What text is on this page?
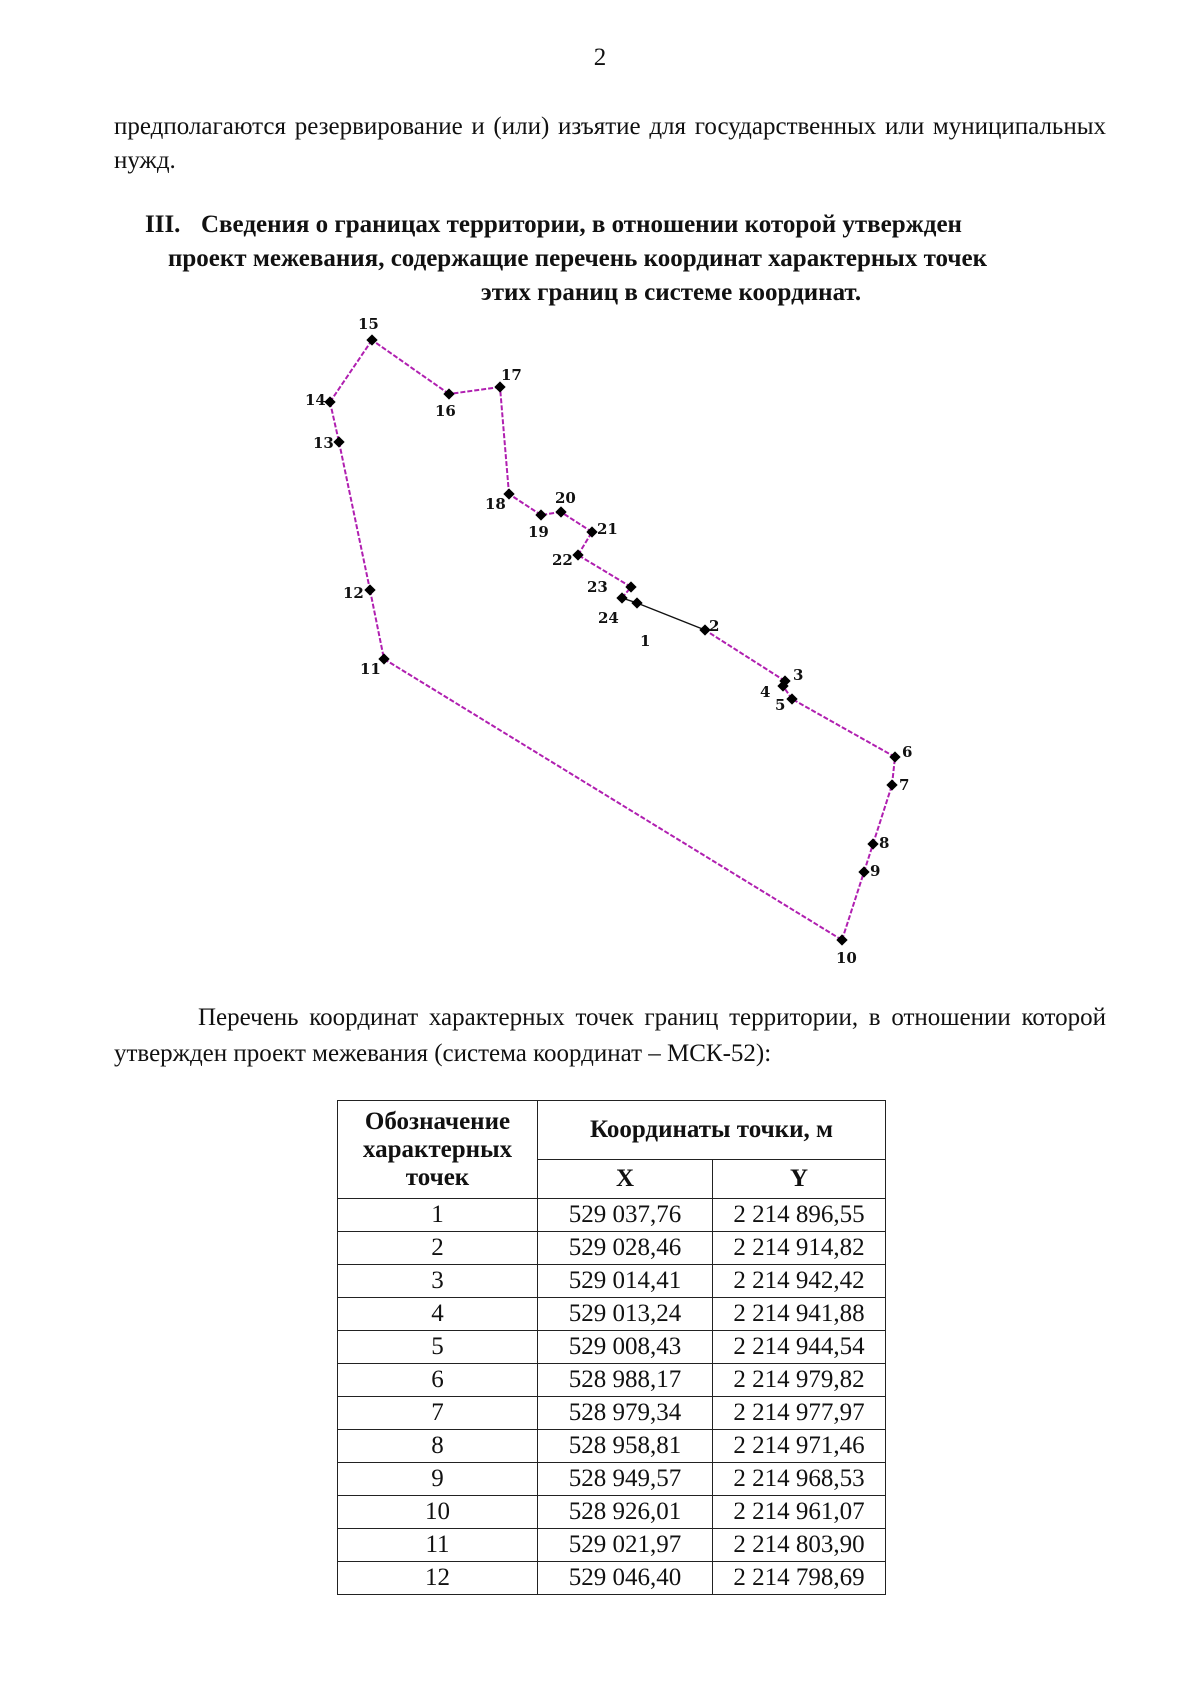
2

предполагаются резервирование и (или) изъятие для государственных или муниципальных нужд.

III. Сведения о границах территории, в отношении которой утвержден
проект межевания, содержащие перечень координат характерных точек
этих границ в системе координат.
1
2
3
4
5
6
7
8
9
10
11
12
13
14
15
16
17
18
19
20
21
22
23
24

Перечень координат характерных точек границ территории, в отношении которой утвержден проект межевания (система координат – МСК-52):

Обозначение характерных точек	Координаты точки, м	
	X	Y
1	529 037,76	2 214 896,55
2	529 028,46	2 214 914,82
3	529 014,41	2 214 942,42
4	529 013,24	2 214 941,88
5	529 008,43	2 214 944,54
6	528 988,17	2 214 979,82
7	528 979,34	2 214 977,97
8	528 958,81	2 214 971,46
9	528 949,57	2 214 968,53
10	528 926,01	2 214 961,07
11	529 021,97	2 214 803,90
12	529 046,40	2 214 798,69
